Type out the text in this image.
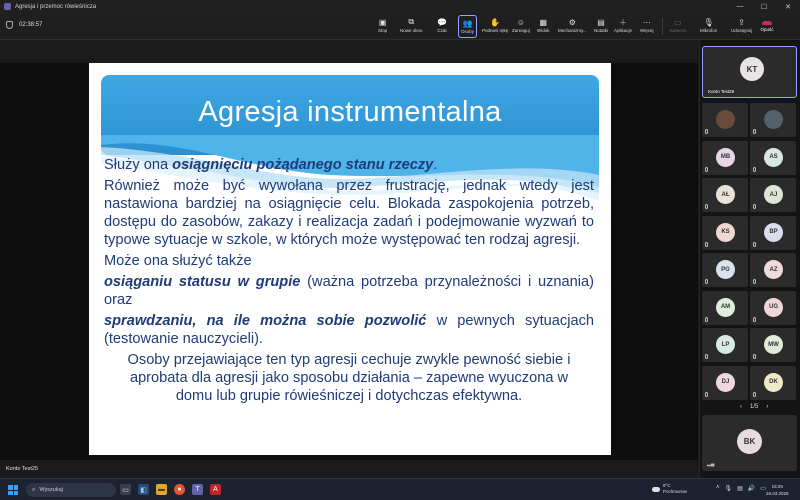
Agresja i przemoc rówieśnicza	—	☐	✕
02:38:57	▣
Stop
⧉
Nowe okno
💬
Czat
👥
Osoby
✋
Podnieś rękę
☺
Zareaguj
▦
Widok
⚙
Mechanizmy...
▤
Notatki
＋
Aplikacje
⋯
Więcej
▭
Kamera
🎙
Mikrofon
⇪
Udostępnij Opuść
Agresja instrumentalna

Służy ona osiągnięciu pożądanego stanu rzeczy.

Również może być wywołana przez frustrację, jednak wtedy jest nastawiona bardziej na osiągnięcie celu. Blokada zaspokojenia potrzeb, dostępu do zasobów, zakazy i realizacja zadań i podejmowanie wyzwań to typowe sytuacje w szkole, w których może występować ten rodzaj agresji.

Może ona służyć także

osiąganiu statusu w grupie (ważna potrzeba przynależności i uznania) oraz

sprawdzaniu, na ile można sobie pozwolić w pewnych sytuacjach (testowanie nauczycieli).

Osoby przejawiające ten typ agresji cechuje zwykle pewność siebie i aprobata dla agresji jako sposobu działania – zapewne wyuczona w domu lub grupie rówieśniczej i dotychczas efektywna.

Konto Test25
KT
Konto Test29
MB	AS
AŁ	AJ
KS	BP
PG	AZ
AM	UG
LP	MW
DJ	DK
‹ 1/5 ›
BK
▂▄
⌕ Wyszukaj	▭	◧	▬	●	T	A
8°C
Pochmurnie
˄ 🎙 ▤ 🔊 ▭	18:29
26.03.2026
